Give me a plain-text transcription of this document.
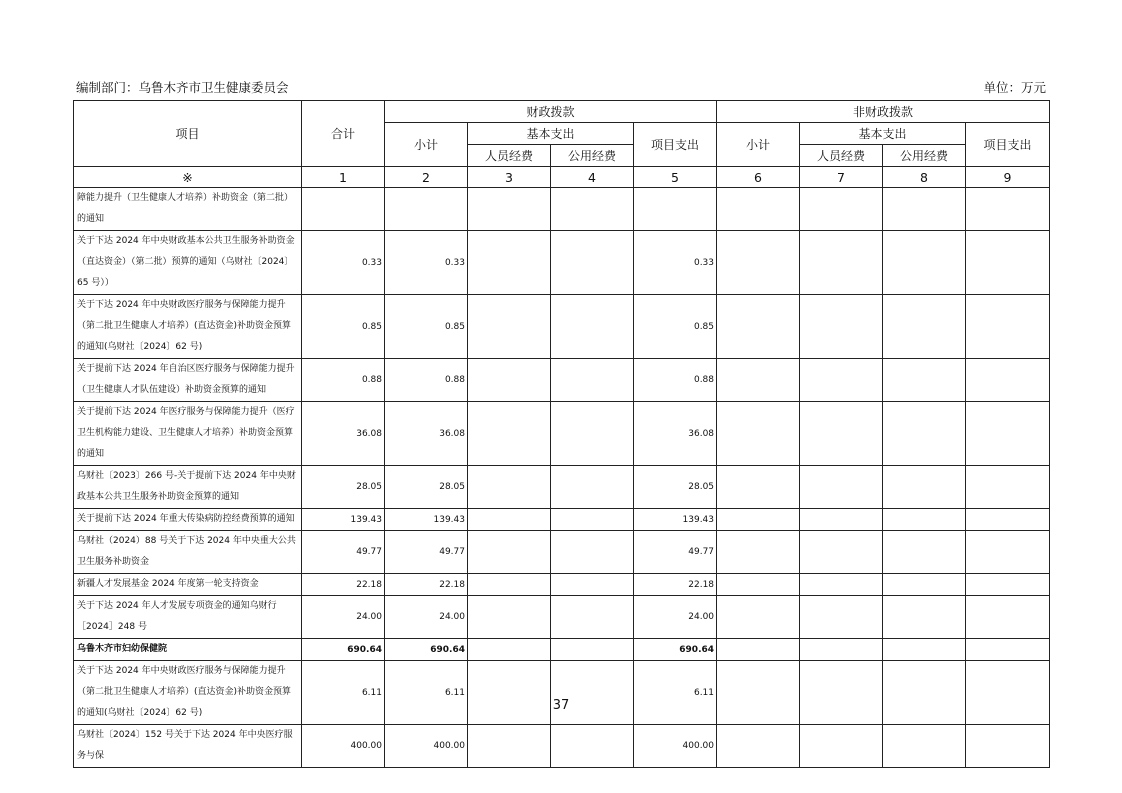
编制部门：乌鲁木齐市卫生健康委员会	单位：万元
项目	合计	财政拨款				非财政拨款			
		小计	基本支出		项目支出	小计	基本支出		项目支出
			人员经费	公用经费			人员经费	公用经费	
※	1	2	3	4	5	6	7	8	9
障能力提升（卫生健康人才培养）补助资金（第二批）的通知									
关于下达 2024 年中央财政基本公共卫生服务补助资金（直达资金）（第二批）预算的通知（乌财社〔2024〕65 号））	0.33	0.33			0.33				
关于下达 2024 年中央财政医疗服务与保障能力提升（第二批卫生健康人才培养）(直达资金)补助资金预算的通知(乌财社〔2024〕62 号)	0.85	0.85			0.85				
关于提前下达 2024 年自治区医疗服务与保障能力提升（卫生健康人才队伍建设）补助资金预算的通知	0.88	0.88			0.88				
关于提前下达 2024 年医疗服务与保障能力提升（医疗卫生机构能力建设、卫生健康人才培养）补助资金预算的通知	36.08	36.08			36.08				
乌财社〔2023〕266 号-关于提前下达 2024 年中央财政基本公共卫生服务补助资金预算的通知	28.05	28.05			28.05				
关于提前下达 2024 年重大传染病防控经费预算的通知	139.43	139.43			139.43				
乌财社（2024）88 号关于下达 2024 年中央重大公共卫生服务补助资金	49.77	49.77			49.77				
新疆人才发展基金 2024 年度第一轮支持资金	22.18	22.18			22.18				
关于下达 2024 年人才发展专项资金的通知乌财行［2024］248 号	24.00	24.00			24.00				
乌鲁木齐市妇幼保健院	690.64	690.64			690.64				
关于下达 2024 年中央财政医疗服务与保障能力提升（第二批卫生健康人才培养）(直达资金)补助资金预算的通知(乌财社〔2024〕62 号)	6.11	6.11			6.11				
乌财社〔2024〕152 号关于下达 2024 年中央医疗服务与保	400.00	400.00			400.00				
37
